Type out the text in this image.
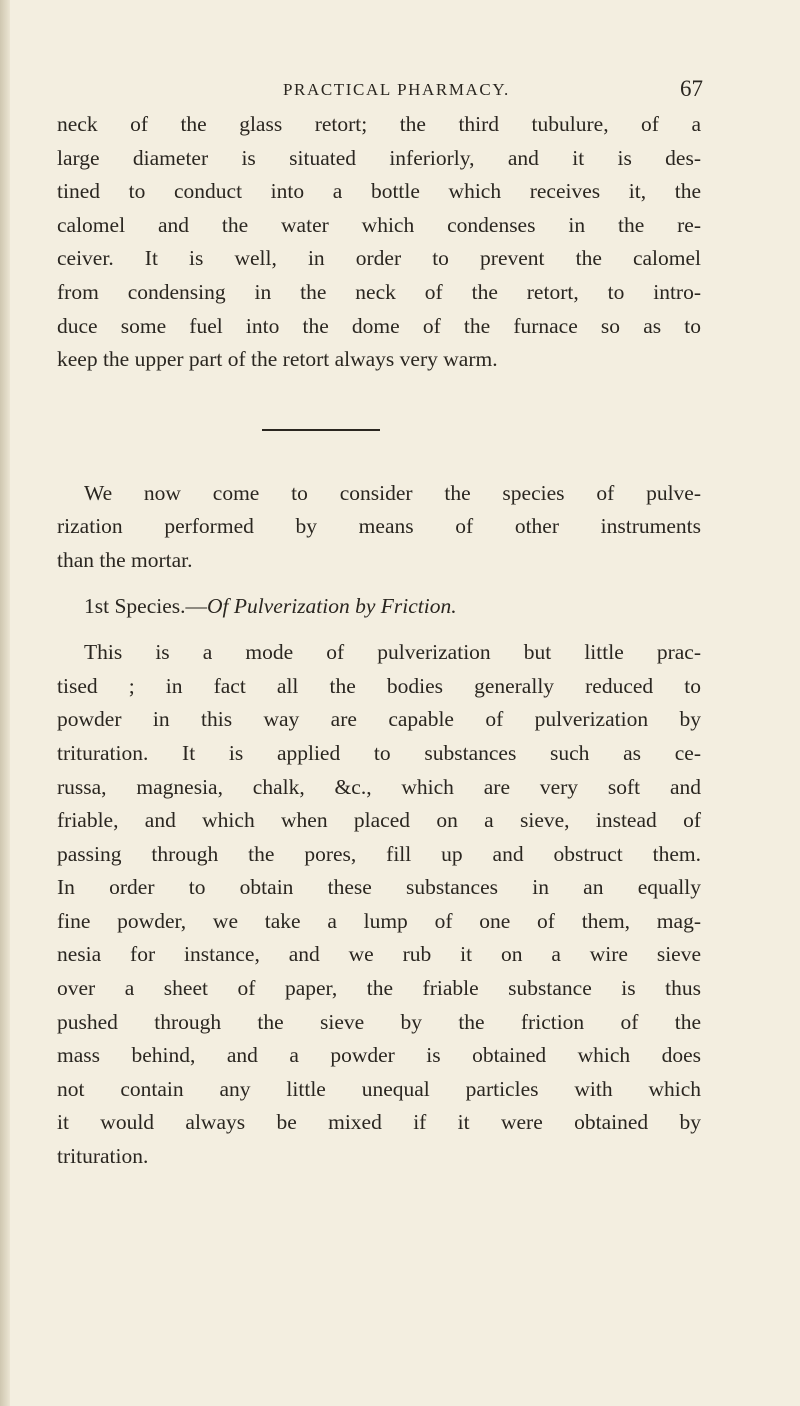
PRACTICAL PHARMACY.	67
neck of the glass retort; the third tubulure, of a
large diameter is situated inferiorly, and it is des-
tined to conduct into a bottle which receives it, the
calomel and the water which condenses in the re-
ceiver. It is well, in order to prevent the calomel
from condensing in the neck of the retort, to intro-
duce some fuel into the dome of the furnace so as to
keep the upper part of the retort always very warm.
We now come to consider the species of pulve-
rization performed by means of other instruments
than the mortar.
1st Species.—Of Pulverization by Friction.
This is a mode of pulverization but little prac-
tised ; in fact all the bodies generally reduced to
powder in this way are capable of pulverization by
trituration. It is applied to substances such as ce-
russa, magnesia, chalk, &c., which are very soft and
friable, and which when placed on a sieve, instead of
passing through the pores, fill up and obstruct them.
In order to obtain these substances in an equally
fine powder, we take a lump of one of them, mag-
nesia for instance, and we rub it on a wire sieve
over a sheet of paper, the friable substance is thus
pushed through the sieve by the friction of the
mass behind, and a powder is obtained which does
not contain any little unequal particles with which
it would always be mixed if it were obtained by
trituration.
